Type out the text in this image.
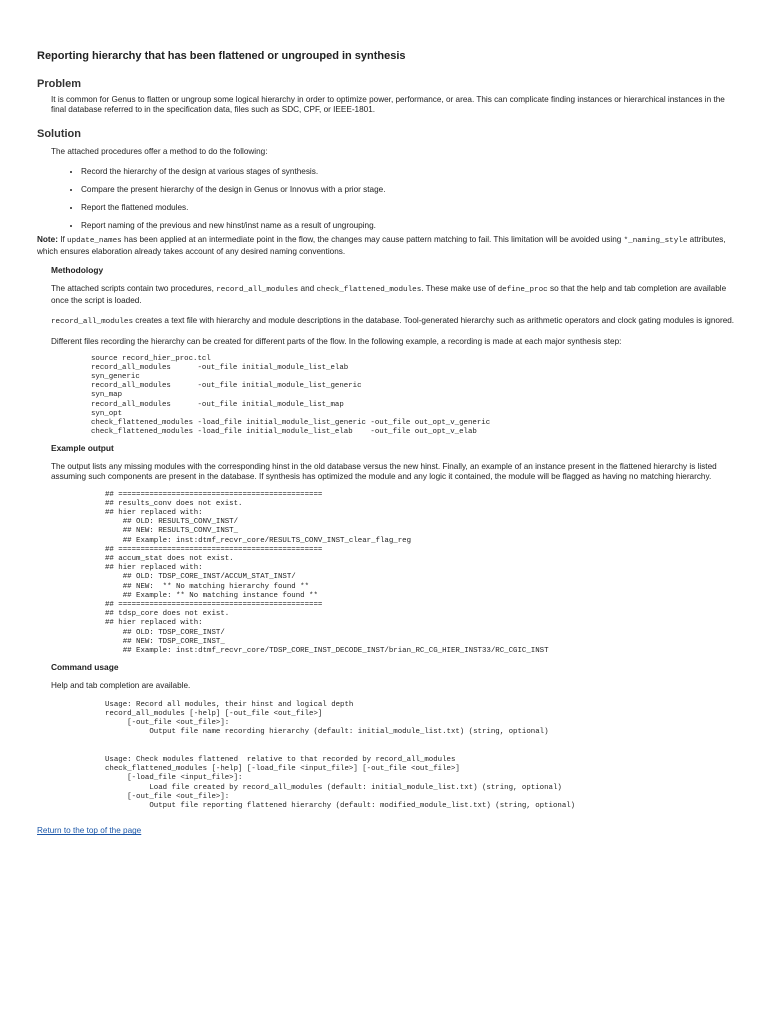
Reporting hierarchy that has been flattened or ungrouped in synthesis
Problem

It is common for Genus to flatten or ungroup some logical hierarchy in order to optimize power, performance, or area. This can complicate finding instances or hierarchical instances in the final database referred to in the specification data, files such as SDC, CPF, or IEEE-1801.

Solution

The attached procedures offer a method to do the following:

• Record the hierarchy of the design at various stages of synthesis.
• Compare the present hierarchy of the design in Genus or Innovus with a prior stage.
• Report the flattened modules.
• Report naming of the previous and new hinst/inst name as a result of ungrouping.

Note: If update_names has been applied at an intermediate point in the flow, the changes may cause pattern matching to fail. This limitation will be avoided using *_naming_style attributes, which ensures elaboration already takes account of any desired naming conventions.

Methodology

The attached scripts contain two procedures, record_all_modules and check_flattened_modules. These make use of define_proc so that the help and tab completion are available once the script is loaded.

record_all_modules creates a text file with hierarchy and module descriptions in the database. Tool-generated hierarchy such as arithmetic operators and clock gating modules is ignored.

Different files recording the hierarchy can be created for different parts of the flow. In the following example, a recording is made at each major synthesis step:

source record_hier_proc.tcl
record_all_modules      -out_file initial_module_list_elab
syn_generic
record_all_modules      -out_file initial_module_list_generic
syn_map
record_all_modules      -out_file initial_module_list_map
syn_opt
check_flattened_modules -load_file initial_module_list_generic -out_file out_opt_v_generic
check_flattened_modules -load_file initial_module_list_elab    -out_file out_opt_v_elab
Example output

The output lists any missing modules with the corresponding hinst in the old database versus the new hinst. Finally, an example of an instance present in the flattened hierarchy is listed assuming such components are present in the database. If synthesis has optimized the module and any logic it contained, the module will be flagged as having no matching hierarchy.

## ==============================================
## results_conv does not exist.
## hier replaced with:
## OLD: RESULTS_CONV_INST/
## NEW: RESULTS_CONV_INST_
## Example: inst:dtmf_recvr_core/RESULTS_CONV_INST_clear_flag_reg
## ==============================================
## accum_stat does not exist.
## hier replaced with:
## OLD: TDSP_CORE_INST/ACCUM_STAT_INST/
## NEW:  ** No matching hierarchy found **
## Example: ** No matching instance found **
## ==============================================
## tdsp_core does not exist.
## hier replaced with:
## OLD: TDSP_CORE_INST/
## NEW: TDSP_CORE_INST_
## Example: inst:dtmf_recvr_core/TDSP_CORE_INST_DECODE_INST/brian_RC_CG_HIER_INST33/RC_CGIC_INST
Command usage

Help and tab completion are available.

Usage: Record all modules, their hinst and logical depth
record_all_modules [-help] [-out_file <out_file>]
[-out_file <out_file>]:
Output file name recording hierarchy (default: initial_module_list.txt) (string, optional)

Usage: Check modules flattened  relative to that recorded by record_all_modules
check_flattened_modules [-help] [-load_file <input_file>] [-out_file <out_file>]
[-load_file <input_file>]:
Load file created by record_all_modules (default: initial_module_list.txt) (string, optional)
[-out_file <out_file>]:
Output file reporting flattened hierarchy (default: modified_module_list.txt) (string, optional)
Return to the top of the page
